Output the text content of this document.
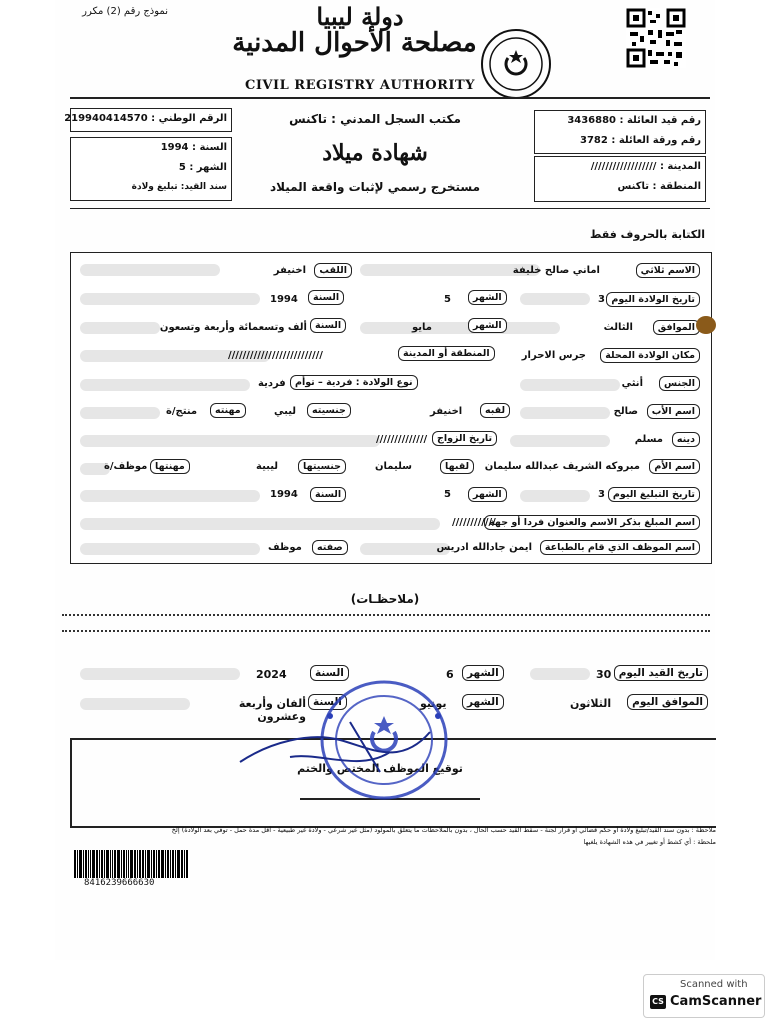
نموذج رقم (2) مكرر	دولة ليبيا
مصلحة الأحوال المدنية
CIVIL REGISTRY AUTHORITY
الرقم الوطني : 219940414570
السنة : 1994
الشهر : 5
سند القيد: تبليغ ولادة
مكتب السجل المدني : تاكنس
شهادة ميلاد
مستخرج رسمي لإثبات واقعة الميلاد
رقم قيد العائلة : 3436880
رقم ورقة العائلة : 3782
المدينة : //////////////////
المنطقة : تاكنس
الكتابة بالحروف فقط
الاسم ثلاثي
اماني صالح خليفة
اللقب
اخنيفر
تاريخ الولادة اليوم
3
الشهر
5
السنة
1994
الموافق
الثالث
الشهر
مايو
السنة
ألف وتسعمائة وأربعة وتسعون
مكان الولادة المحلة
جرس الاحرار
المنطقة أو المدينة
//////////////////////////
الجنس
أنثي
نوع الولادة : فردية – توأم
فردية
اسم الأب
صالح
لقبه
اخنيفر
جنسيته
ليبي
مهنته
منتج/ة
دينه
مسلم
تاريخ الزواج
//////////////
اسم الأم
مبروكه الشريف عبدالله سليمان
لقبها
سليمان
جنسيتها
ليبية
مهنتها
موظف/ة
تاريخ التبليغ اليوم
3
الشهر
5
السنة
1994
اسم المبلغ بذكر الاسم والعنوان فردا أو جهة
////////////
اسم الموظف الذي قام بالطباعة
ايمن جادالله ادريس
صفته
موظف
(ملاحظـات)
تاريخ القيد اليوم
30
الشهر
6
السنة
2024
الموافق اليوم
الثلاثون
الشهر
يونيو
السنة
ألفان وأربعة وعشرون
توقيع الموظف المختص والختم
ملاحظة : بدون سند القيد/تبليغ ولادة أو حكم قضائي أو قرار لجنة - سقط القيد حسب الحال ، بدون بالملاحظات ما يتعلق بالمولود (مثل غير شرعي - ولادة غير طبيعية - أقل مدة حمل - توفي بعد الولادة) إلخ
ملحظة : أي كشط أو تغيير في هذه الشهادة يلغيها
8416239666630
Scanned with
CS CamScanner
